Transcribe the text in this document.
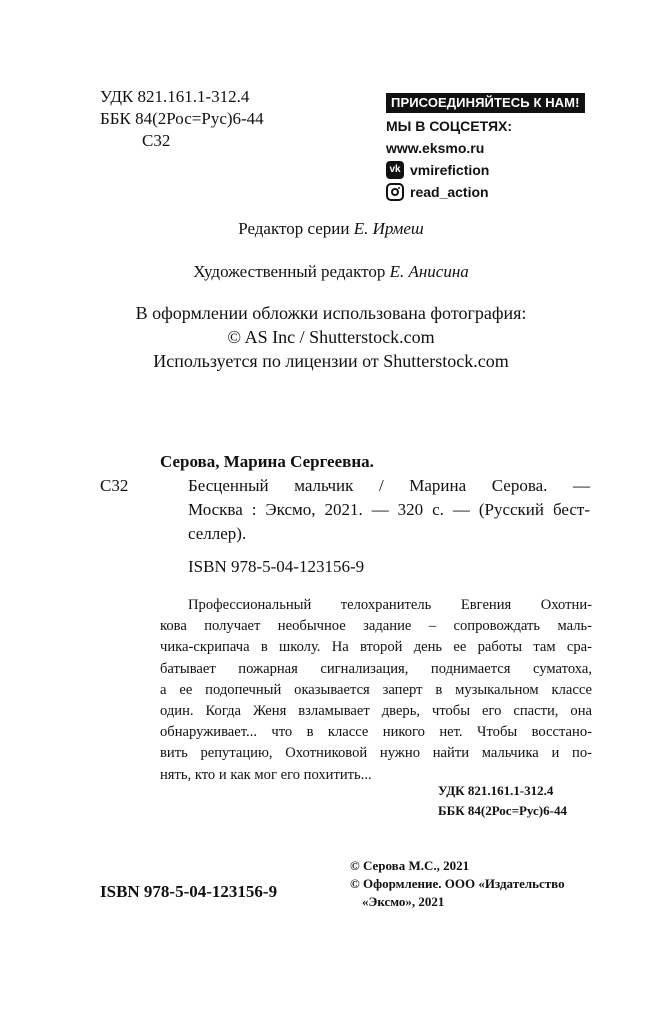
УДК 821.161.1-312.4
ББК 84(2Рос=Рус)6-44
С32
ПРИСОЕДИНЯЙТЕСЬ К НАМ!
МЫ В СОЦСЕТЯХ:
www.eksmo.ru
vk vmirefiction
read_action
Редактор серии Е. Ирмеш
Художественный редактор Е. Анисина
В оформлении обложки использована фотография:
© AS Inc / Shutterstock.com
Используется по лицензии от Shutterstock.com
Серова, Марина Сергеевна.
С32	Бесценный мальчик / Марина Серова. —
Москва : Эксмо, 2021. — 320 с. — (Русский бест-
селлер).
ISBN 978-5-04-123156-9
Профессиональный телохранитель Евгения Охотни-
кова получает необычное задание – сопровождать маль-
чика-скрипача в школу. На второй день ее работы там сра-
батывает пожарная сигнализация, поднимается суматоха,
а ее подопечный оказывается заперт в музыкальном классе
один. Когда Женя взламывает дверь, чтобы его спасти, она
обнаруживает... что в классе никого нет. Чтобы восстано-
вить репутацию, Охотниковой нужно найти мальчика и по-
нять, кто и как мог его похитить...
УДК 821.161.1-312.4
ББК 84(2Рос=Рус)6-44
ISBN 978-5-04-123156-9
© Серова М.С., 2021
© Оформление. ООО «Издательство
«Эксмо», 2021
